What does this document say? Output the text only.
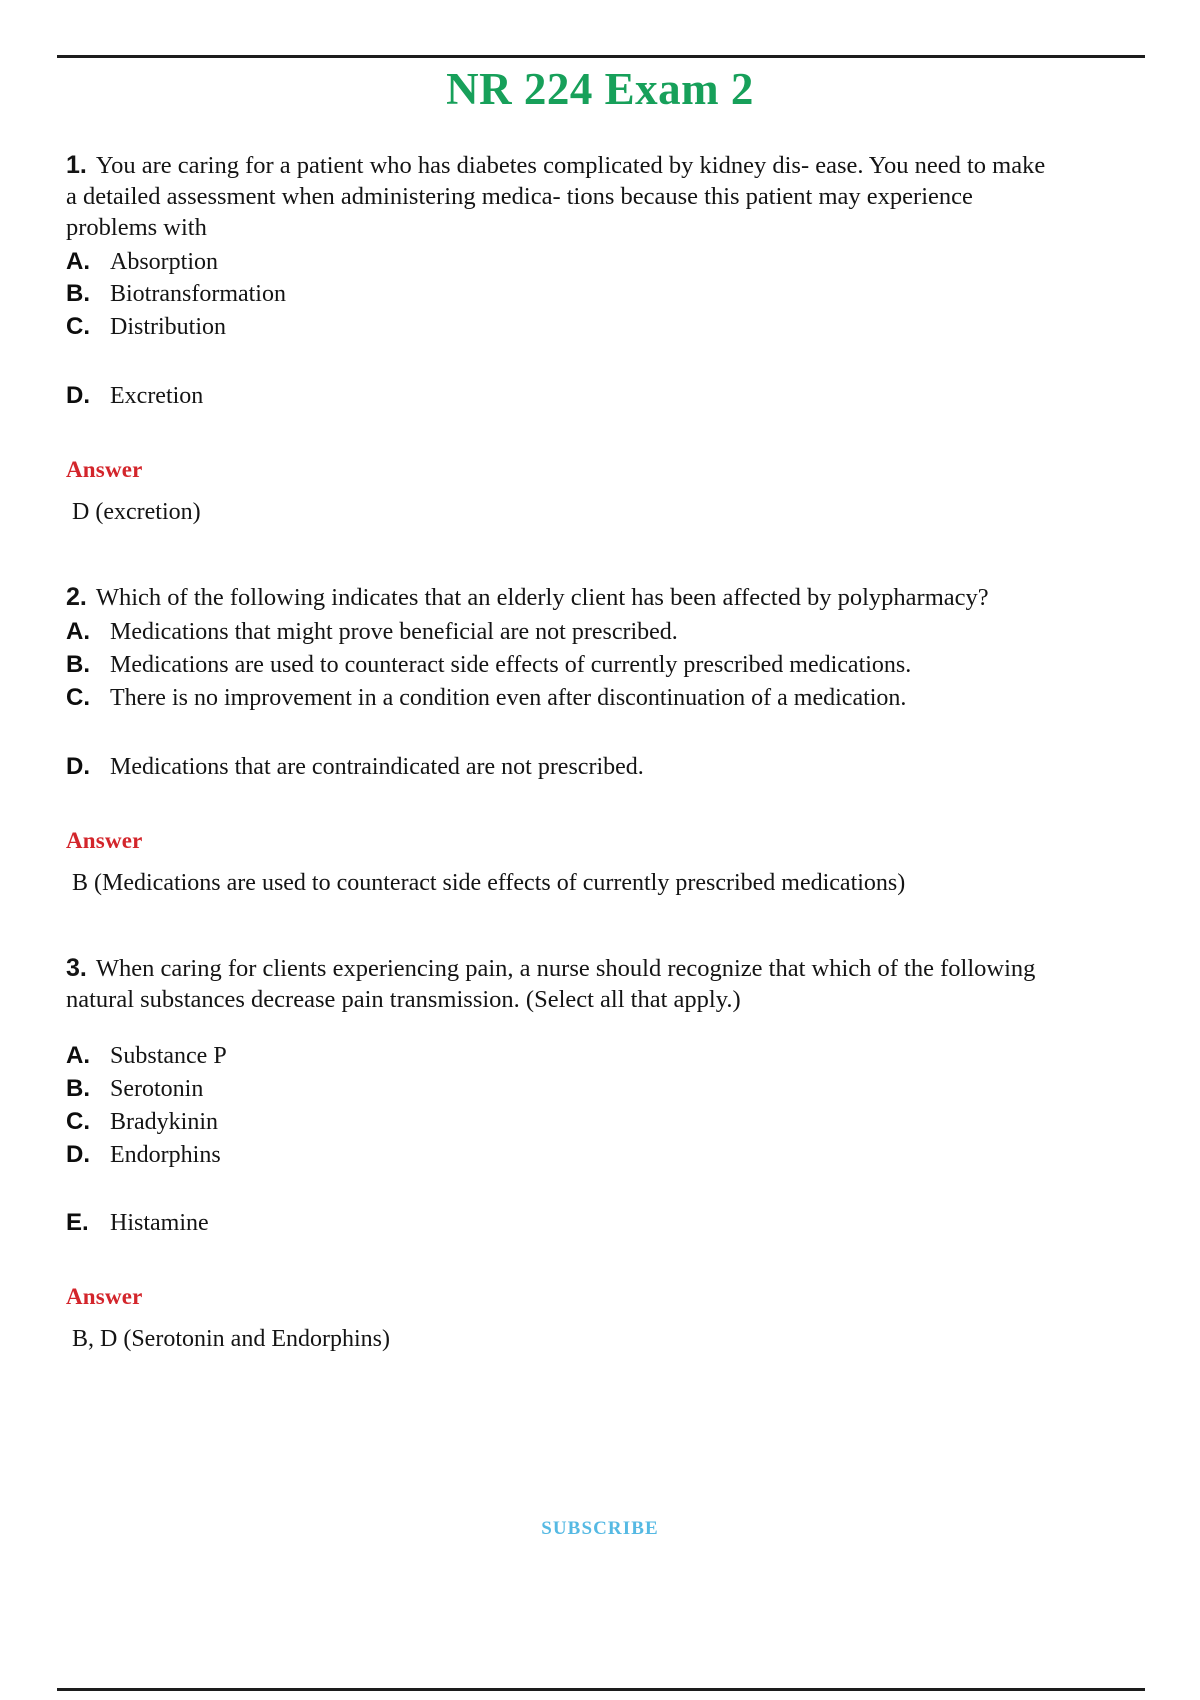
NR 224 Exam 2

1. You are caring for a patient who has diabetes complicated by kidney dis- ease. You need to make a detailed assessment when administering medica- tions because this patient may experience problems with

A. Absorption
B. Biotransformation
C. Distribution
D. Excretion

Answer

D (excretion)

2. Which of the following indicates that an elderly client has been affected by polypharmacy?

A. Medications that might prove beneficial are not prescribed.
B. Medications are used to counteract side effects of currently prescribed medications.
C. There is no improvement in a condition even after discontinuation of a medication.
D. Medications that are contraindicated are not prescribed.

Answer

B (Medications are used to counteract side effects of currently prescribed medications)

3. When caring for clients experiencing pain, a nurse should recognize that which of the following natural substances decrease pain transmission. (Select all that apply.)

A. Substance P
B. Serotonin
C. Bradykinin
D. Endorphins
E. Histamine

Answer

B, D (Serotonin and Endorphins)

SUBSCRIBE
